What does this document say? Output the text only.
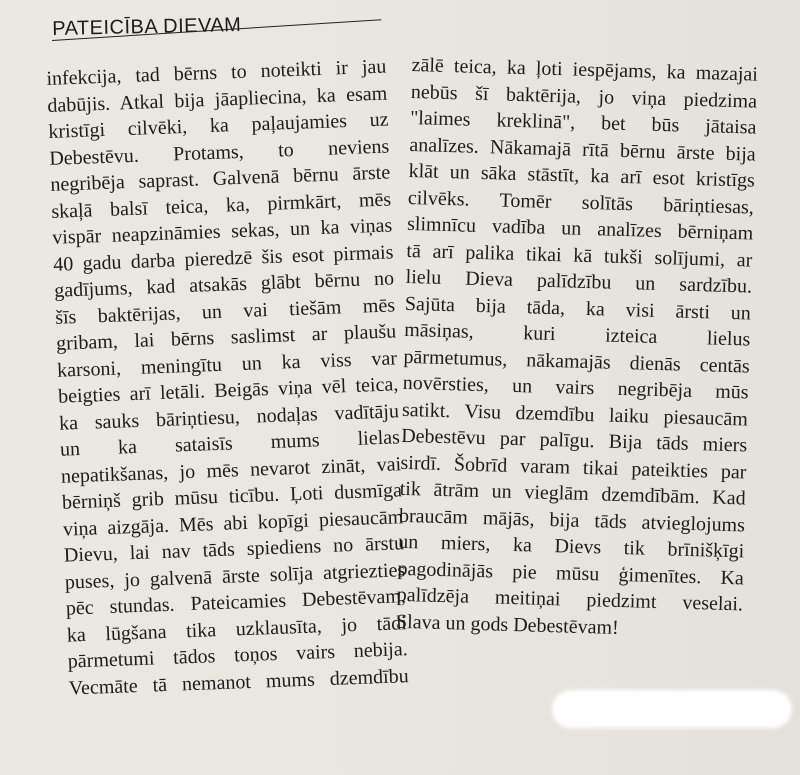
PATEICĪBA DIEVAM
infekcija, tad bērns to noteikti ir jau
dabūjis. Atkal bija jāapliecina, ka esam
kristīgi cilvēki, ka paļaujamies uz
Debestēvu. Protams, to neviens
negribēja saprast. Galvenā bērnu ārste
skaļā balsī teica, ka, pirmkārt, mēs
vispār neapzināmies sekas, un ka viņas
40 gadu darba pieredzē šis esot pirmais
gadījums, kad atsakās glābt bērnu no
šīs baktērijas, un vai tiešām mēs
gribam, lai bērns saslimst ar plaušu
karsoni, meningītu un ka viss var
beigties arī letāli. Beigās viņa vēl teica,
ka sauks bāriņtiesu, nodaļas vadītāju
un ka sataisīs mums lielas
nepatikšanas, jo mēs nevarot zināt, vai
bērniņš grib mūsu ticību. Ļoti dusmīga
viņa aizgāja. Mēs abi kopīgi piesaucām
Dievu, lai nav tāds spiediens no ārstu
puses, jo galvenā ārste solīja atgriezties
pēc stundas. Pateicamies Debestēvam,
ka lūgšana tika uzklausīta, jo tādi
pārmetumi tādos toņos vairs nebija.
Vecmāte tā nemanot mums dzemdību
zālē teica, ka ļoti iespējams, ka mazajai
nebūs šī baktērija, jo viņa piedzima
"laimes kreklinā", bet būs jātaisa
analīzes. Nākamajā rītā bērnu ārste bija
klāt un sāka stāstīt, ka arī esot kristīgs
cilvēks. Tomēr solītās bāriņtiesas,
slimnīcu vadība un analīzes bērniņam
tā arī palika tikai kā tukši solījumi, ar
lielu Dieva palīdzību un sardzību.
Sajūta bija tāda, ka visi ārsti un
māsiņas, kuri izteica lielus
pārmetumus, nākamajās dienās centās
novērsties, un vairs negribēja mūs
satikt. Visu dzemdību laiku piesaucām
Debestēvu par palīgu. Bija tāds miers
sirdī. Šobrīd varam tikai pateikties par
tik ātrām un vieglām dzemdībām. Kad
braucām mājās, bija tāds atvieglojums
un miers, ka Dievs tik brīnišķīgi
pagodinājās pie mūsu ģimenītes. Ka
palīdzēja meitiņai piedzimt veselai.
Slava un gods Debestēvam!
